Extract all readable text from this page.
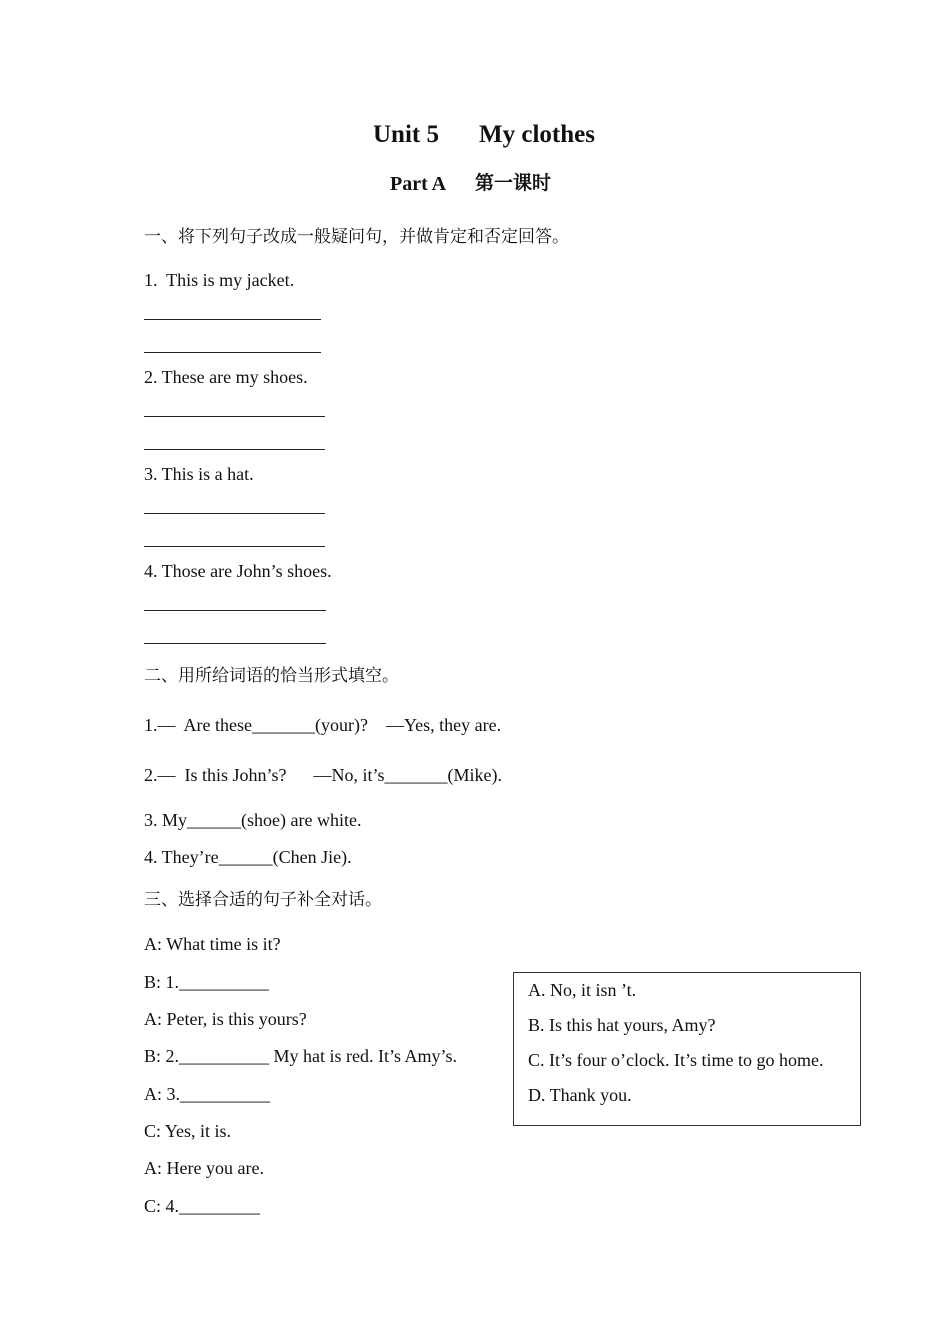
Unit 5 My clothes
Part A 第一课时
一、将下列句子改成一般疑问句，并做肯定和否定回答。
1.  This is my jacket.
2. These are my shoes.
3. This is a hat.
4. Those are John’s shoes.
二、用所给词语的恰当形式填空。
1.—  Are these_______(your)?    —Yes, they are.
2.—  Is this John’s?      —No, it’s_______(Mike).
3. My______(shoe) are white.
4. They’re______(Chen Jie).
三、选择合适的句子补全对话。
A: What time is it?
B: 1.__________
A: Peter, is this yours?
B: 2.__________ My hat is red. It’s Amy’s.
A: 3.__________
C: Yes, it is.
A: Here you are.
C: 4._________
A. No, it isn ’t.
B. Is this hat yours, Amy?
C. It’s four o’clock. It’s time to go home.
D. Thank you.
